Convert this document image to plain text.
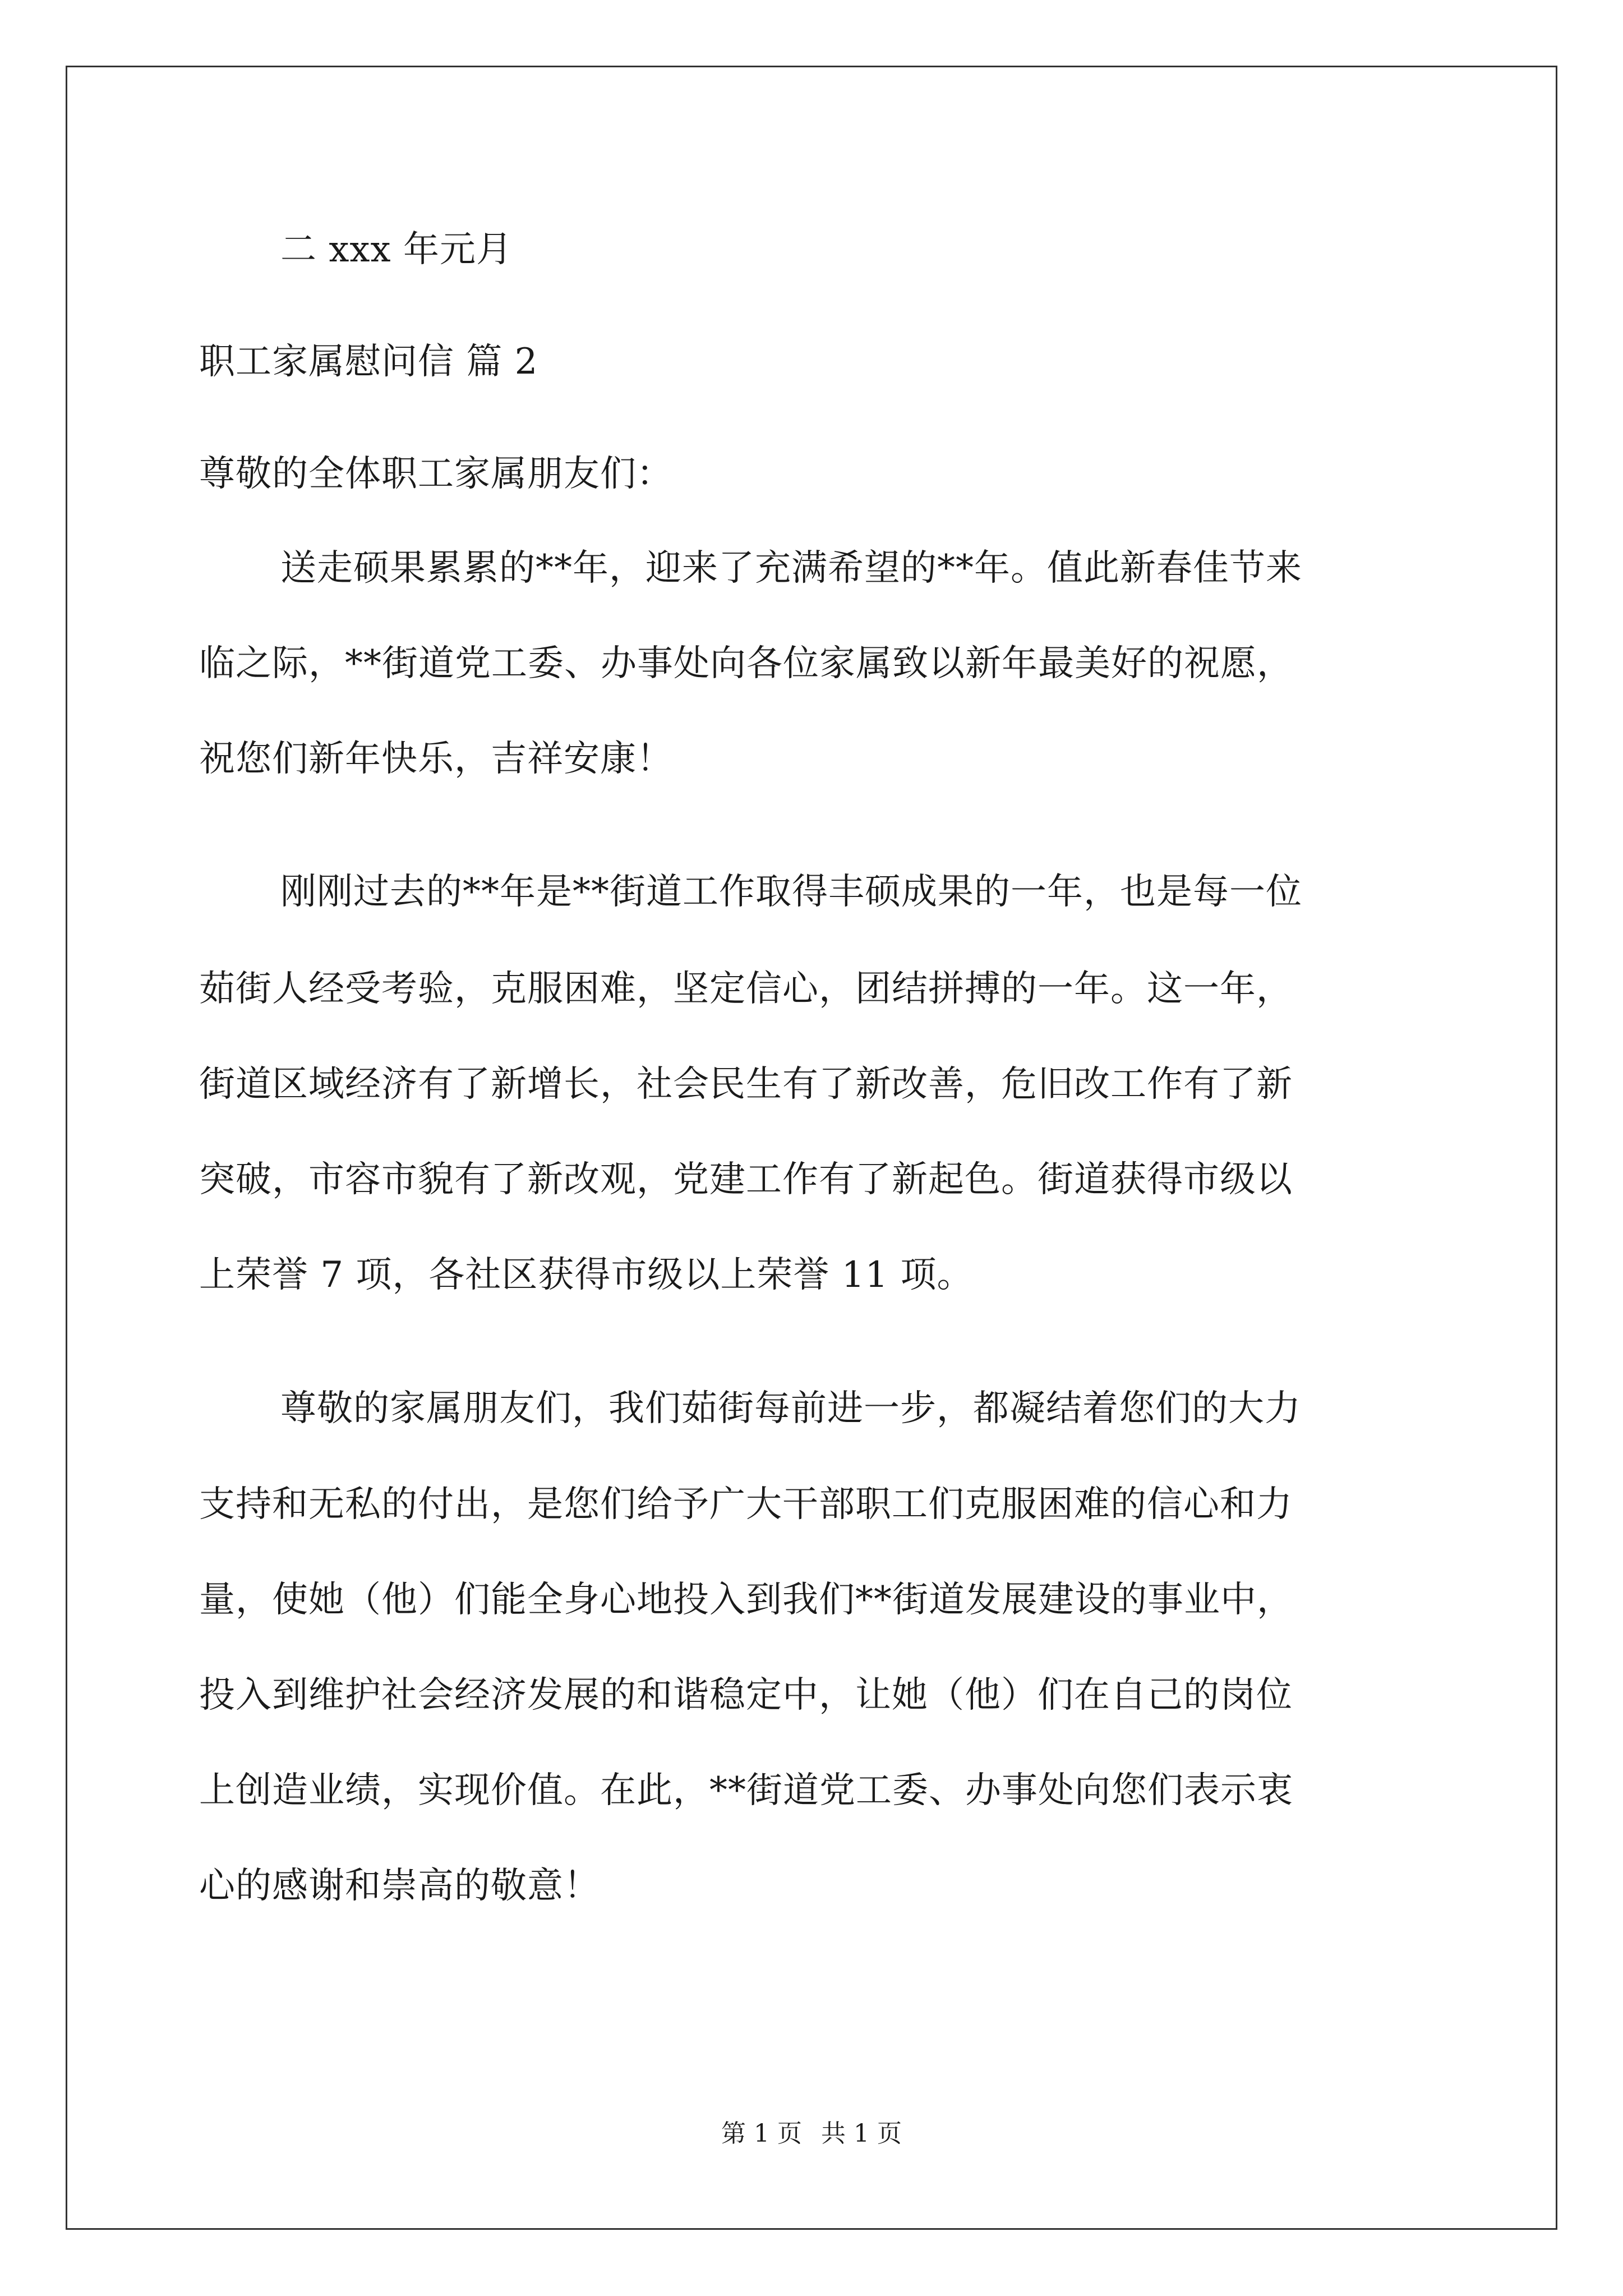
二 xxx 年元月

职工家属慰问信 篇 2

尊敬的全体职工家属朋友们：

送走硕果累累的**年，迎来了充满希望的**年。值此新春佳节来

临之际，**街道党工委、办事处向各位家属致以新年最美好的祝愿，

祝您们新年快乐，吉祥安康！

刚刚过去的**年是**街道工作取得丰硕成果的一年，也是每一位

茹街人经受考验，克服困难，坚定信心，团结拼搏的一年。这一年，

街道区域经济有了新增长，社会民生有了新改善，危旧改工作有了新

突破，市容市貌有了新改观，党建工作有了新起色。街道获得市级以

上荣誉 7 项，各社区获得市级以上荣誉 11 项。

尊敬的家属朋友们，我们茹街每前进一步，都凝结着您们的大力

支持和无私的付出，是您们给予广大干部职工们克服困难的信心和力

量，使她（他）们能全身心地投入到我们**街道发展建设的事业中，

投入到维护社会经济发展的和谐稳定中，让她（他）们在自己的岗位

上创造业绩，实现价值。在此，**街道党工委、办事处向您们表示衷

心的感谢和崇高的敬意！

第 1 页 共 1 页
